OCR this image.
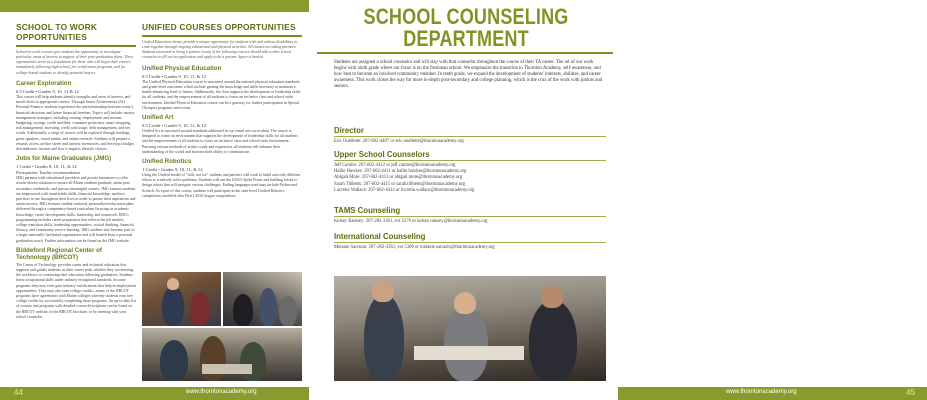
SCHOOL TO WORK OPPORTUNITIES
School-to-work courses give students the opportunity to investigate particular areas of interest in support of their post-graduation plans. These opportunities serve as a foundation for those who will begin their careers immediately following high school, for certification programs, and for college-bound students to identify potential majors.
Career Exploration
0.5 Credit • Grades 9, 10, 11 & 12
This course will help students identify strengths and areas of interest, and match those to appropriate careers. Through Junior Achievement (JA) Personal Finance, students experience the interrelationship between today's financial decisions and future financial freedom. Topics will include: money management strategies, including earning, employment and income, budgeting, savings, credit and debt, consumer protection, smart shopping, risk management, investing, credit card usage, debt management, and net worth. Additionally, a range of careers will be explored through readings, guest speakers, visual media, and online research. Students will prepare a résumé, access on-line career and interest inventories, and develop a budget that addresses income and how it impacts lifestyle choices.
Jobs for Maine Graduates (JMG)
1 Credit • Grades 9, 10, 11, & 12
Prerequisites: Teacher recommendation
JMG partners with educational providers and private businesses to offer results-driven solutions to ensure all Maine students graduate, attain post-secondary credentials, and pursue meaningful careers. JMG ensures students are empowered with transferable skills, financial knowledge, and best practices to use throughout their lives in order to pursue their aspirations and attain success. JMG features student-centered, personalized education plans delivered through a competency-based curriculum focusing on academic knowledge, career development skills, leadership, and teamwork. JMG's programming includes career preparation that reflects the job market, college transition skills, leadership opportunities, critical thinking, financial literacy, and community service learning. JMG students also become part of a larger nationally-facilitated organization and will benefit from a personal graduation coach. Further information can be found on the JMG website.
Biddeford Regional Center of Technology (BRCOT)
The Center of Technology provides career and technical education that supports and guides students on their career path, whether they are entering the workforce or continuing their education following graduation. Students learn occupational skills under industry-recognized standards. In some programs they may even gain industry certifications that help in employment opportunities. They may also earn college credits—many of the BRCOT programs have agreements with Maine colleges whereby students earn free college credits by successfully completing those programs. An up-to-date list of courses and programs with detailed course descriptions can be found on the BRCOT website, in the BRCOT brochure, or by meeting with your school counselor.
UNIFIED COURSES OPPORTUNITIES
Unified Education classes provide a unique opportunity for students with and without disabilities to come together through ongoing educational and physical activities. All classes are taking partners. Students interested in being a partner in any of the following courses should talk to their school counselor to fill out an application and apply to be a partner. Space is limited.
Unified Physical Education
0.5 Credit • Grades 9, 10, 11, & 12
The Unified Physical Education course is structured around the national physical education standards and grade-level outcomes, which include gaining the knowledge and skills necessary to maintain a health-enhancing level of fitness. Additionally, the class supports the development of leadership skills for all students, and the empowerment of all students to foster an inclusive class and school-wide environment. Unified Physical Education course can be a gateway for further participation in Special Olympics programs and events.
Unified Art
0.5 Credit • Grades 9, 10, 11, & 12
Unified Art is structured around standards addressed in our visual arts curriculum. The course is designed to create an environment that supports the development of leadership skills for all students and the empowerment of all students to foster an inclusive class and school-wide environment. Pursuing various methods of artistic study and expression, all students will enhance their understanding of the world and increase their ability to communicate.
Unified Robotics
1 Credit • Grades 9, 10, 11, & 12
Using the Unified model of "with, not for" students and partners will work to build and code different robots to creatively solve problems. Students will use the LEGO Spike Prime and building bricks to design robots that will navigate various challenges. Ending languages used may include Python and Scratch. As a part of this course, students will participate in the state level Unified Robotics competition, modeled after First LEGO league competitions.
44	www.thorntonacademy.org
SCHOOL COUNSELING
DEPARTMENT
Students are assigned a school counselor and will stay with that counselor throughout the course of their TA career. The art of our work begins with ninth grade where our focus is on the freshman school. We emphasize the transition to Thornton Academy, self-awareness, and how best to become an involved community member. In tenth grade, we expand the development of students' interests, abilities, and career awareness. This work closes the way for more in-depth post-secondary and college planning, which is the crux of the work with juniors and seniors.
Director
Eric Ouellette: 207-602-4487 or eric.ouellette@thorntonacademy.org
Upper School Counselors
Jeff Camire: 207-602-4412 or jeff.camire@thorntonacademy.org
Hallie Hawkes: 207-602-4411 or hallie.hawkes@thorntonacademy.org
Abigail More: 207-602-4413 or abigail.more@thorntonacademy.org
Sarah Tibbetts: 207-602-4415 or sarah.tibbetts@thorntonacademy.org
Lucretia Wallace: 207-602-4414 or lucretia.wallace@thorntonacademy.org
TAMS Counseling
Kelsey Ramsey: 207-282-3361, ext 5270 or kelsey.ramsey@thorntonacademy.org
International Counseling
Melanie Sarrazin: 207-282-3361, ext 5306 or melanie.sarrazin@thorntonacademy.org
www.thorntonacademy.org	45
